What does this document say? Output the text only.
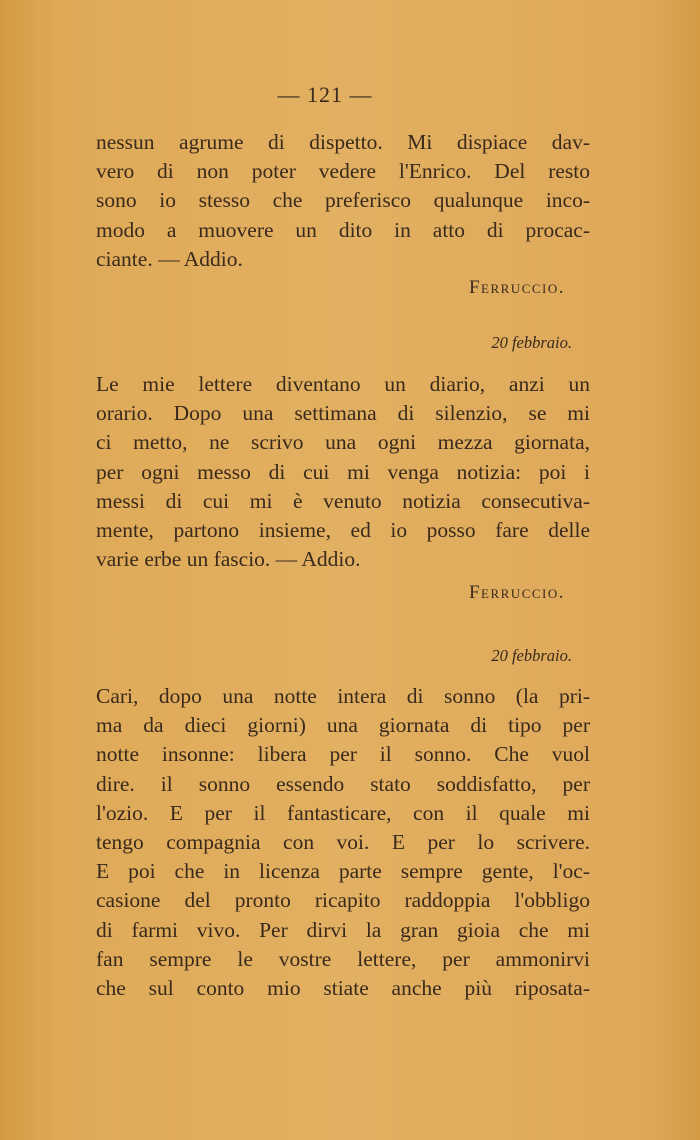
— 121 —
nessun agrume di dispetto. Mi dispiace dav-
vero di non poter vedere l'Enrico. Del resto
sono io stesso che preferisco qualunque inco-
modo a muovere un dito in atto di procac-
ciante. — Addio.
Ferruccio.
20 febbraio.
Le mie lettere diventano un diario, anzi un
orario. Dopo una settimana di silenzio, se mi
ci metto, ne scrivo una ogni mezza giornata,
per ogni messo di cui mi venga notizia: poi i
messi di cui mi è venuto notizia consecutiva-
mente, partono insieme, ed io posso fare delle
varie erbe un fascio. — Addio.
Ferruccio.
20 febbraio.
Cari, dopo una notte intera di sonno (la pri-
ma da dieci giorni) una giornata di tipo per
notte insonne: libera per il sonno. Che vuol
dire. il sonno essendo stato soddisfatto, per
l'ozio. E per il fantasticare, con il quale mi
tengo compagnia con voi. E per lo scrivere.
E poi che in licenza parte sempre gente, l'oc-
casione del pronto ricapito raddoppia l'obbligo
di farmi vivo. Per dirvi la gran gioia che mi
fan sempre le vostre lettere, per ammonirvi
che sul conto mio stiate anche più riposata-
